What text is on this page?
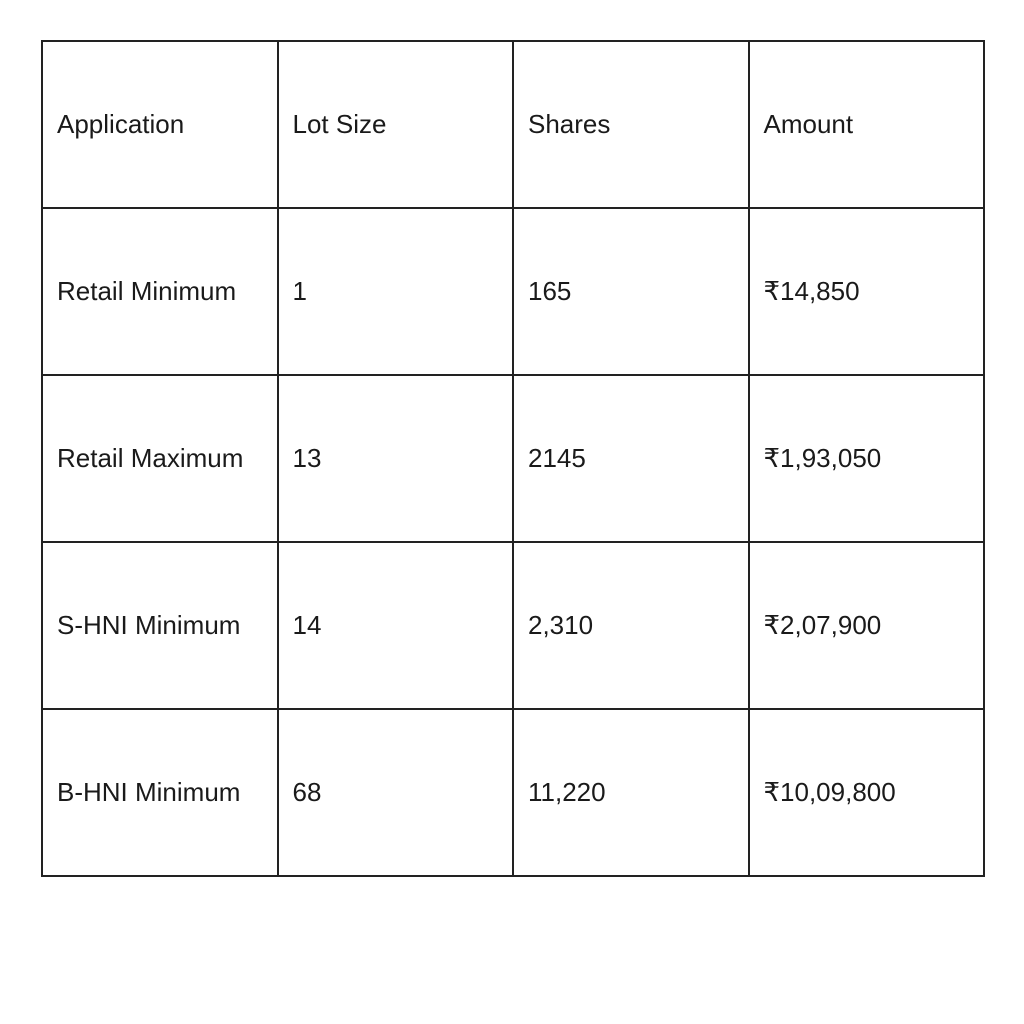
Application	Lot Size	Shares	Amount
Retail Minimum	1	165	₹14,850
Retail Maximum	13	2145	₹1,93,050
S-HNI Minimum	14	2,310	₹2,07,900
B-HNI Minimum	68	11,220	₹10,09,800
